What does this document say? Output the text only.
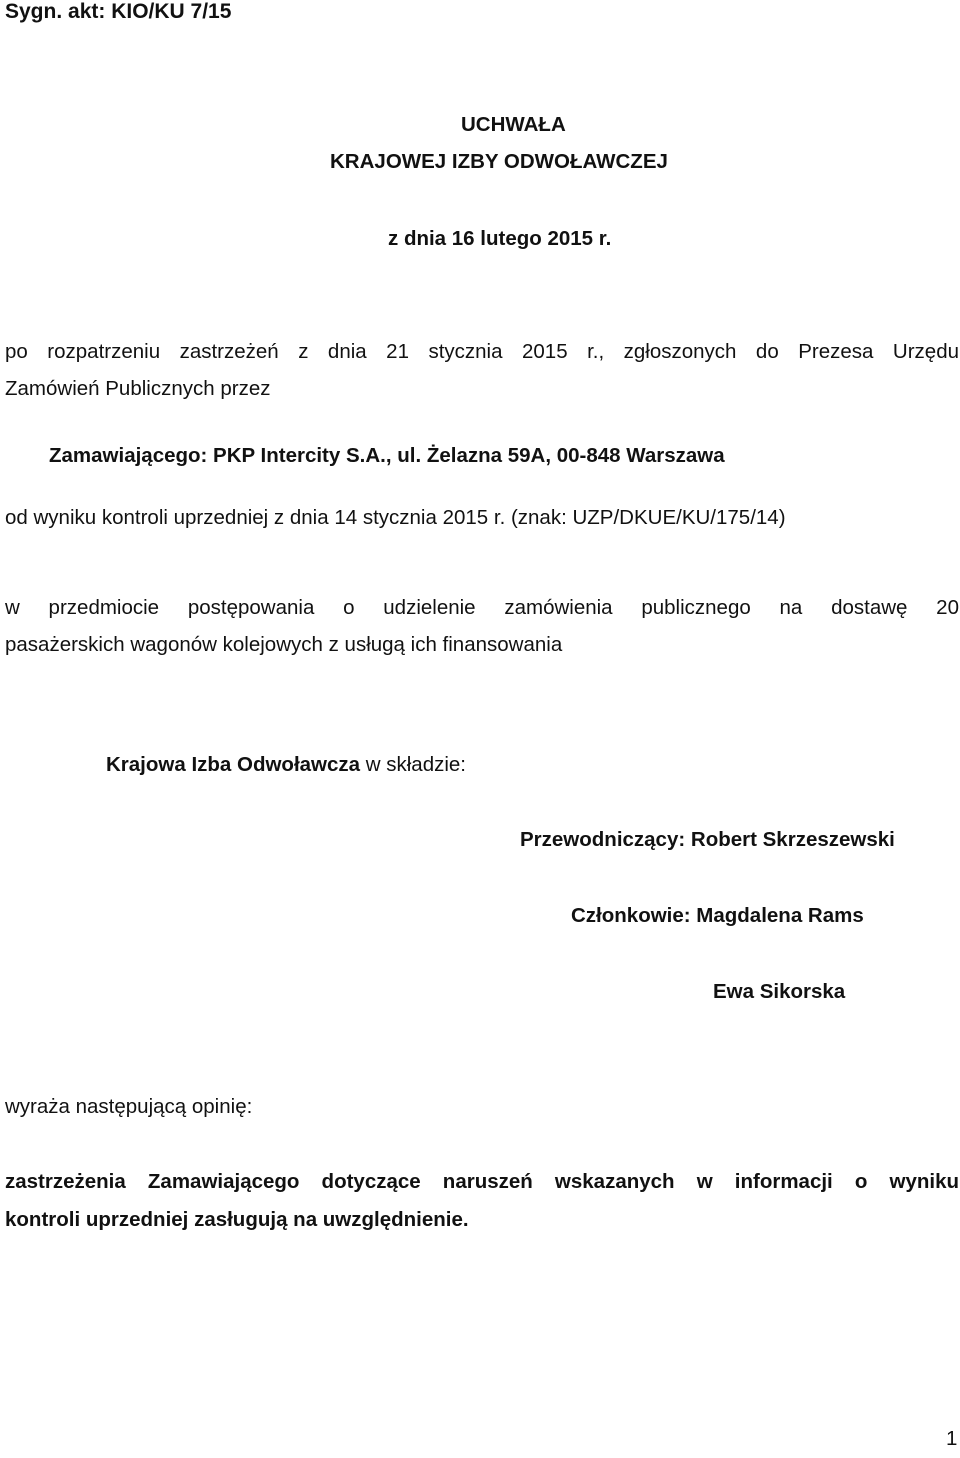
Sygn. akt: KIO/KU 7/15
UCHWAŁA
KRAJOWEJ IZBY ODWOŁAWCZEJ
z dnia 16 lutego 2015 r.
po rozpatrzeniu zastrzeżeń z dnia 21 stycznia 2015 r., zgłoszonych do Prezesa Urzędu
Zamówień Publicznych przez
Zamawiającego: PKP Intercity S.A., ul. Żelazna 59A, 00-848 Warszawa
od wyniku kontroli uprzedniej z dnia 14 stycznia 2015 r. (znak: UZP/DKUE/KU/175/14)
w przedmiocie postępowania o udzielenie zamówienia publicznego na dostawę 20
pasażerskich wagonów kolejowych z usługą ich finansowania
Krajowa Izba Odwoławcza w składzie:
Przewodniczący: Robert Skrzeszewski
Członkowie: Magdalena Rams
Ewa Sikorska
wyraża następującą opinię:
zastrzeżenia Zamawiającego dotyczące naruszeń wskazanych w informacji o wyniku
kontroli uprzedniej zasługują na uwzględnienie.
1
